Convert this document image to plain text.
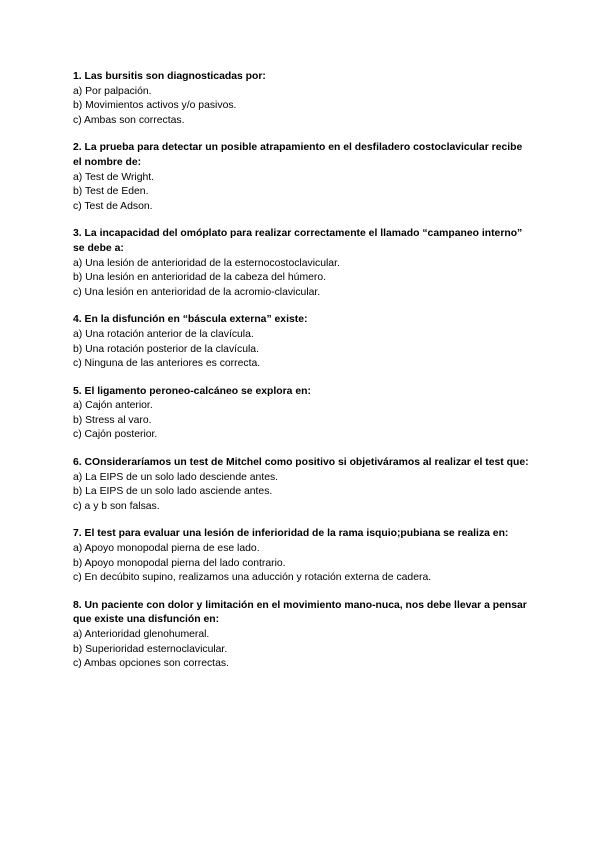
1. Las bursitis son diagnosticadas por:

a) Por palpación.

b) Movimientos activos y/o pasivos.

c) Ambas son correctas.

2. La prueba para detectar un posible atrapamiento en el desfiladero costoclavicular recibe el nombre de:

a) Test de Wright.

b) Test de Eden.

c) Test de Adson.

3. La incapacidad del omóplato para realizar correctamente el llamado “campaneo interno” se debe a:

a) Una lesión de anterioridad de la esternocostoclavicular.

b) Una lesión en anterioridad de la cabeza del húmero.

c) Una lesión en anterioridad de la acromio-clavicular.

4. En la disfunción en “báscula externa” existe:

a) Una rotación anterior de la clavícula.

b) Una rotación posterior de la clavícula.

c) Ninguna de las anteriores es correcta.

5. El ligamento peroneo-calcáneo se explora en:

a) Cajón anterior.

b) Stress al varo.

c) Cajón posterior.

6. COnsideraríamos un test de Mitchel como positivo si objetiváramos al realizar el test que:

a) La EIPS de un solo lado desciende antes.

b) La EIPS de un solo lado asciende antes.

c) a y b son falsas.

7. El test para evaluar una lesión de inferioridad de la rama isquio;pubiana se realiza en:

a) Apoyo monopodal pierna de ese lado.

b) Apoyo monopodal pierna del lado contrario.

c) En decúbito supino, realizamos una aducción y rotación externa de cadera.

8. Un paciente con dolor y limitación en el movimiento mano-nuca, nos debe llevar a pensar que existe una disfunción en:

a) Anterioridad glenohumeral.

b) Superioridad esternoclavicular.

c) Ambas opciones son correctas.
